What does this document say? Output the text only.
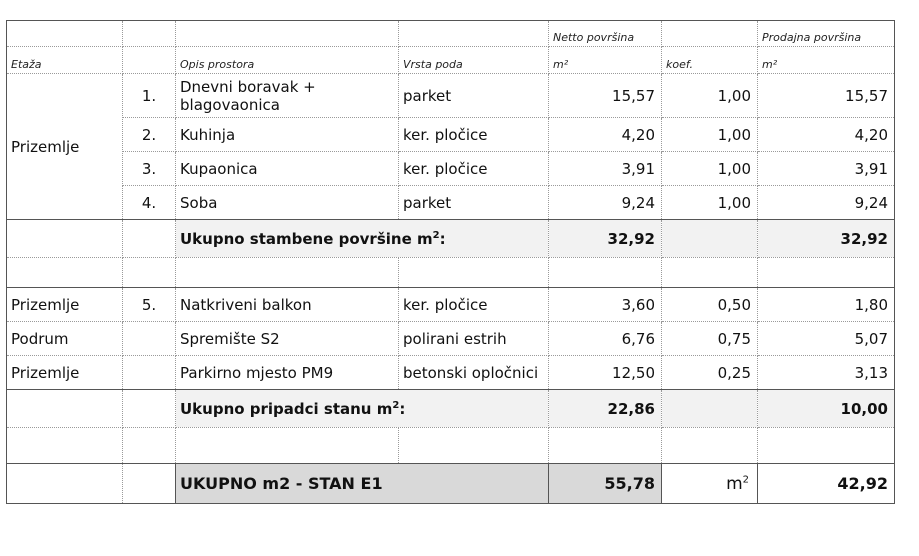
				Netto površina		Prodajna površina
Etaža		Opis prostora	Vrsta poda	m²	koef.	m²
Prizemlje	1.	Dnevni boravak + blagovaonica	parket	15,57	1,00	15,57
	2.	Kuhinja	ker. pločice	4,20	1,00	4,20
	3.	Kupaonica	ker. pločice	3,91	1,00	3,91
	4.	Soba	parket	9,24	1,00	9,24
		Ukupno stambene površine $m^2$:		32,92		32,92

Prizemlje	5.	Natkriveni balkon	ker. pločice	3,60	0,50	1,80
Podrum		Spremište S2	polirani estrih	6,76	0,75	5,07
Prizemlje		Parkirno mjesto PM9	betonski opločnici	12,50	0,25	3,13
		Ukupno pripadci stanu $m^2$:		22,86		10,00

		UKUPNO m2 - STAN E1		55,78	$m^2$	42,92
